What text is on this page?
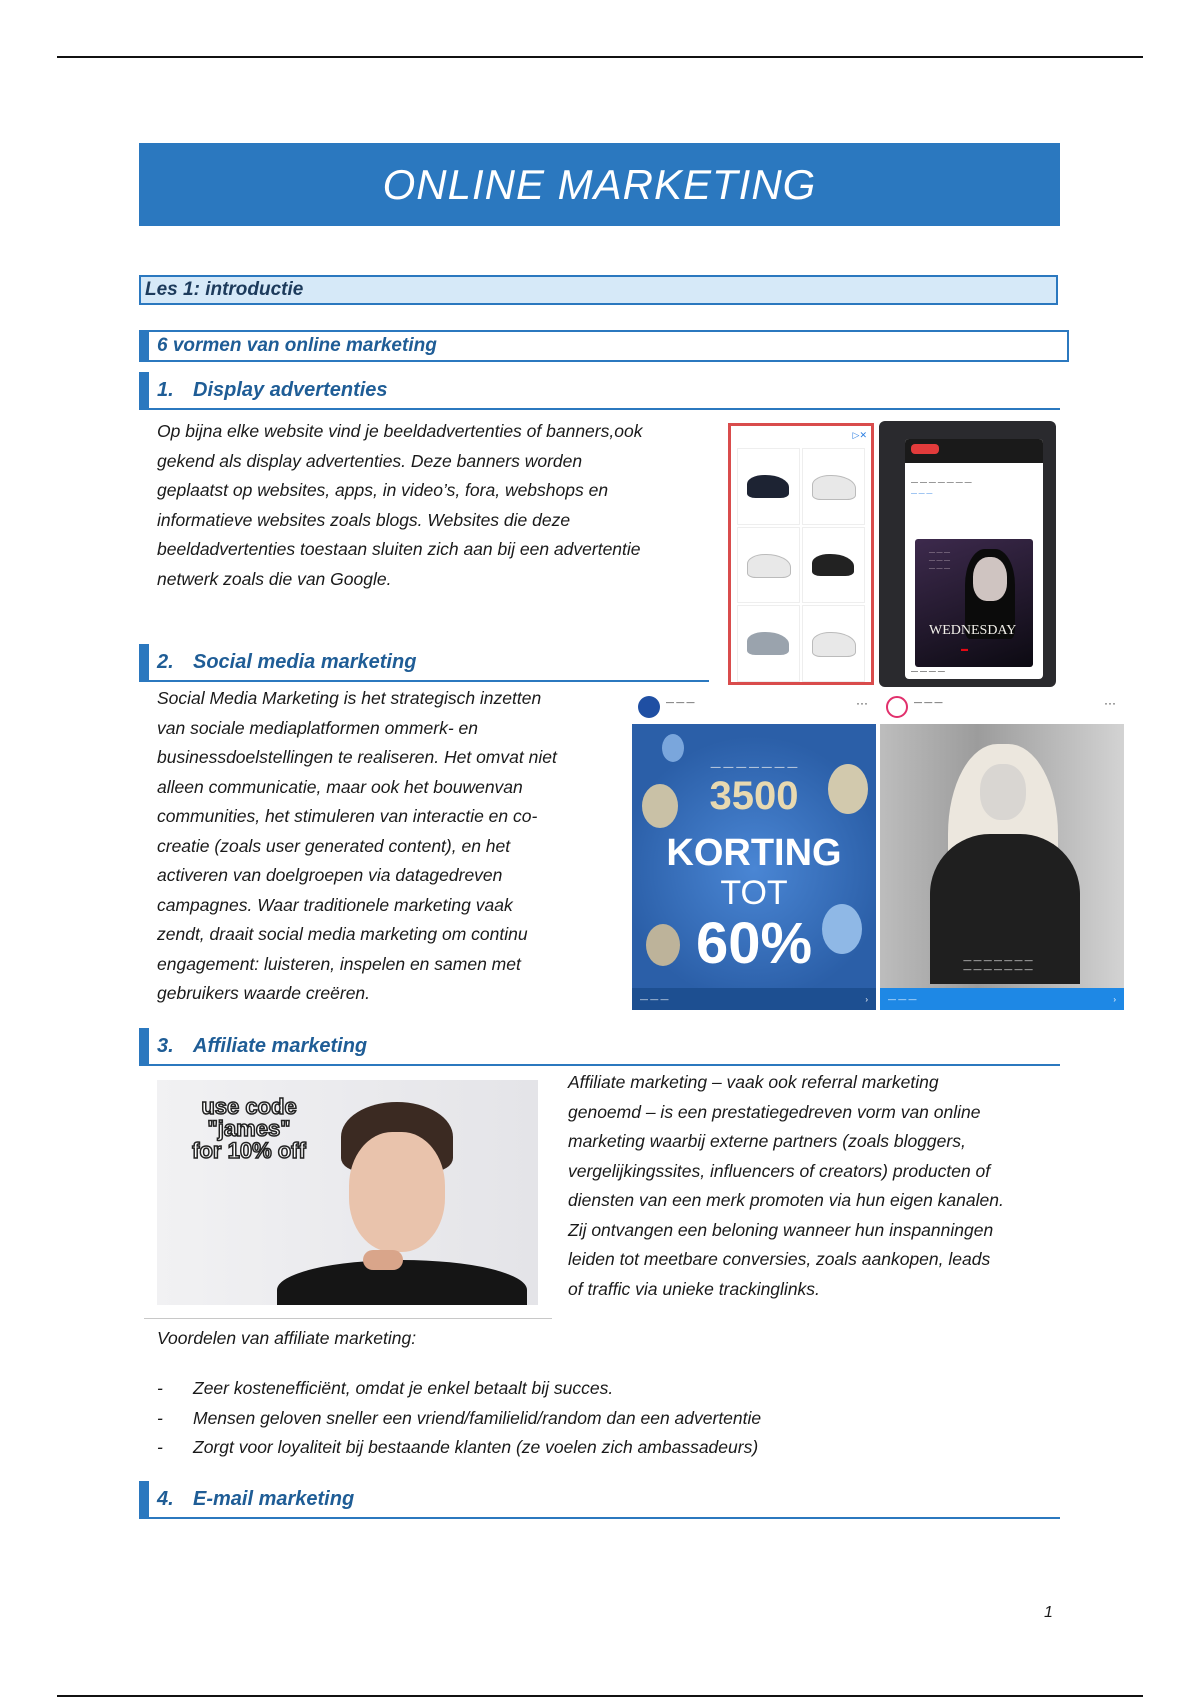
ONLINE MARKETING
Les 1: introductie
6 vormen van online marketing
1. Display advertenties
Op bijna elke website vind je beeldadvertenties of banners,ook
gekend als display advertenties. Deze banners worden
geplaatst op websites, apps, in video’s, fora, webshops en
informatieve websites zoals blogs. Websites die deze
beeldadvertenties toestaan sluiten zich aan bij een advertentie
netwerk zoals die van Google.
▷✕
— — — — — — —
— — —
— — —
— — —
— — —
WEDNESDAY
▬
— — — —
2. Social media marketing
Social Media Marketing is het strategisch inzetten
van sociale mediaplatformen ommerk- en
businessdoelstellingen te realiseren. Het omvat niet
alleen communicatie, maar ook het bouwenvan
communities, het stimuleren van interactie en co-
creatie (zoals user generated content), en het
activeren van doelgroepen via datagedreven
campagnes. Waar traditionele marketing vaak
zendt, draait social media marketing om continu
engagement: luisteren, inspelen en samen met
gebruikers waarde creëren.
— — —	···
— — — — — — —
3500
KORTING
TOT
60%
— — —	›
— — —	···
— — — — — — —
— — — — — — —
— — —	›
3. Affiliate marketing
use code "james"
for 10% off
Affiliate marketing – vaak ook referral marketing
genoemd – is een prestatiegedreven vorm van online
marketing waarbij externe partners (zoals bloggers,
vergelijkingssites, influencers of creators) producten of
diensten van een merk promoten via hun eigen kanalen.
Zij ontvangen een beloning wanneer hun inspanningen
leiden tot meetbare conversies, zoals aankopen, leads
of traffic via unieke trackinglinks.
Voordelen van affiliate marketing:
- Zeer kostenefficiënt, omdat je enkel betaalt bij succes.
- Mensen geloven sneller een vriend/familielid/random dan een advertentie
- Zorgt voor loyaliteit bij bestaande klanten (ze voelen zich ambassadeurs)
4. E-mail marketing
1
